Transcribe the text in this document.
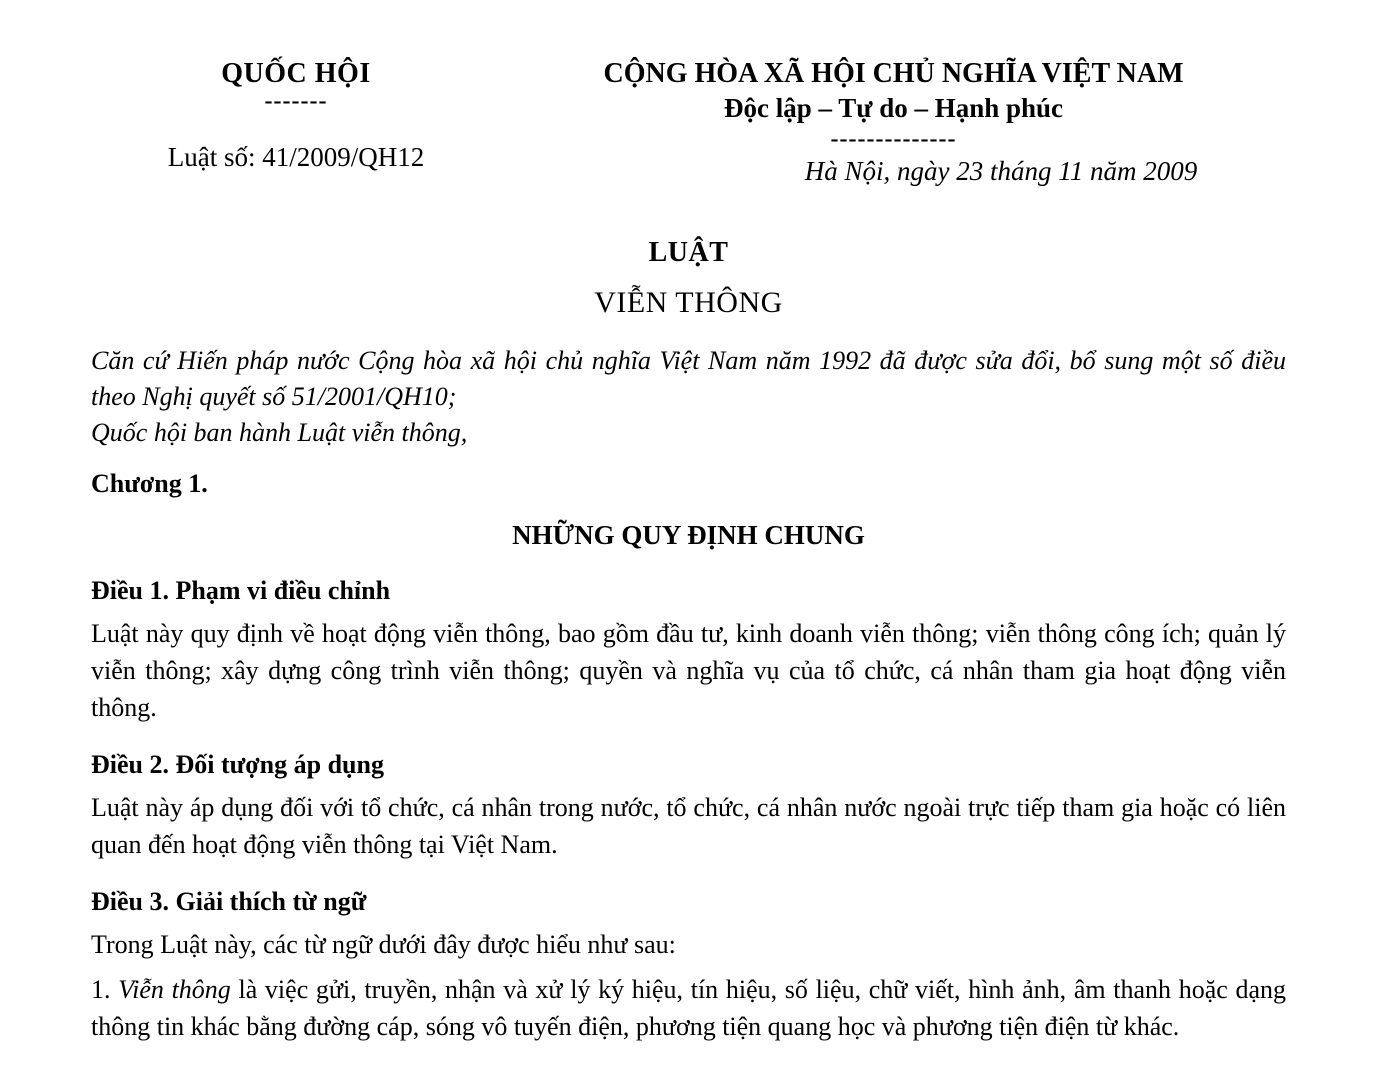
QUỐC HỘI
-------
Luật số: 41/2009/QH12
CỘNG HÒA XÃ HỘI CHỦ NGHĨA VIỆT NAM
Độc lập – Tự do – Hạnh phúc
--------------
Hà Nội, ngày 23 tháng 11 năm 2009
LUẬT
VIỄN THÔNG

Căn cứ Hiến pháp nước Cộng hòa xã hội chủ nghĩa Việt Nam năm 1992 đã được sửa đổi, bổ sung một số điều theo Nghị quyết số 51/2001/QH10;

Quốc hội ban hành Luật viễn thông,

Chương 1.
NHỮNG QUY ĐỊNH CHUNG
Điều 1. Phạm vi điều chỉnh

Luật này quy định về hoạt động viễn thông, bao gồm đầu tư, kinh doanh viễn thông; viễn thông công ích; quản lý viễn thông; xây dựng công trình viễn thông; quyền và nghĩa vụ của tổ chức, cá nhân tham gia hoạt động viễn thông.

Điều 2. Đối tượng áp dụng

Luật này áp dụng đối với tổ chức, cá nhân trong nước, tổ chức, cá nhân nước ngoài trực tiếp tham gia hoặc có liên quan đến hoạt động viễn thông tại Việt Nam.

Điều 3. Giải thích từ ngữ

Trong Luật này, các từ ngữ dưới đây được hiểu như sau:

1. Viễn thông là việc gửi, truyền, nhận và xử lý ký hiệu, tín hiệu, số liệu, chữ viết, hình ảnh, âm thanh hoặc dạng thông tin khác bằng đường cáp, sóng vô tuyến điện, phương tiện quang học và phương tiện điện từ khác.
